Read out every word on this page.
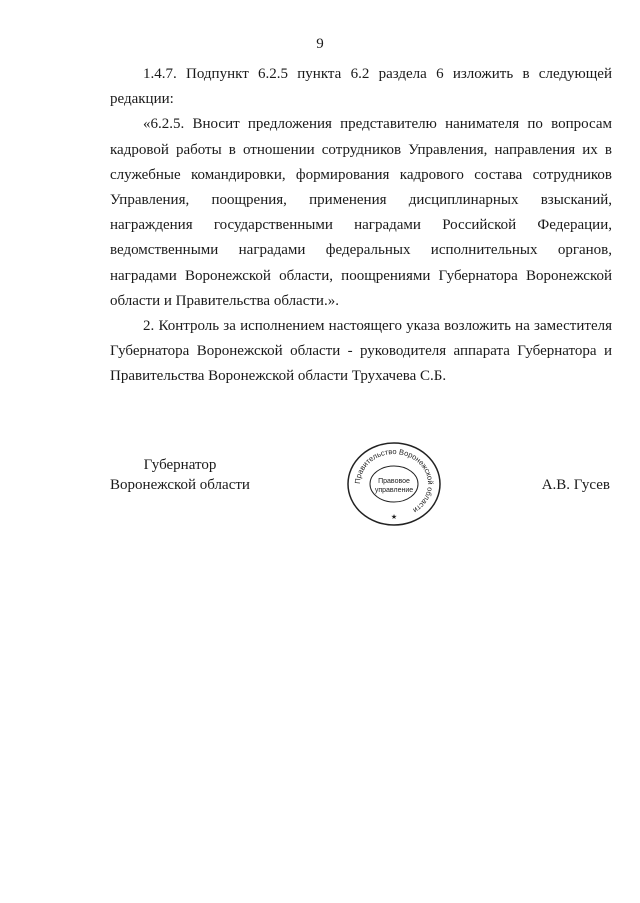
9

1.4.7. Подпункт 6.2.5 пункта 6.2 раздела 6 изложить в следующей редакции:

«6.2.5. Вносит предложения представителю нанимателя по вопросам кадровой работы в отношении сотрудников Управления, направления их в служебные командировки, формирования кадрового состава сотрудников Управления, поощрения, применения дисциплинарных взысканий, награждения государственными наградами Российской Федерации, ведомственными наградами федеральных исполнительных органов, наградами Воронежской области, поощрениями Губернатора Воронежской области и Правительства области.».

2. Контроль за исполнением настоящего указа возложить на заместителя Губернатора Воронежской области - руководителя аппарата Губернатора и Правительства Воронежской области Трухачева С.Б.

Губернатор
Воронежской области	Правительство Воронежской области
Правовое
управление
★
А.В. Гусев
